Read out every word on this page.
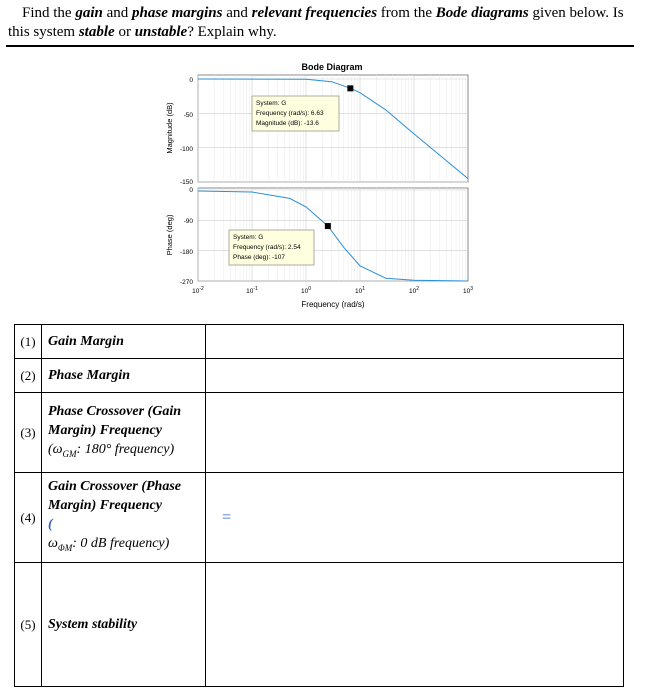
Find the gain and phase margins and relevant frequencies from the Bode diagrams given below. Is this system stable or unstable? Explain why.
Bode Diagram
Magnitude (dB)
0
-50
-100
-150
System: G
Frequency (rad/s): 6.63
Magnitude (dB): -13.6
Phase (deg)
0
-90
-180
-270
System: G
Frequency (rad/s): 2.54
Phase (deg): -107
$10^{-2}$	$10^{-1}$	$10^0$	$10^1$	$10^2$	$10^3$
Frequency (rad/s)
(1)	Gain Margin	
(2)	Phase Margin	
(3)	Phase Crossover (Gain Margin) Frequency
($\omega_{GM}$: 180° frequency)	
(4)	Gain Crossover (Phase Margin) Frequency
(
$\omega_{\Phi M}$: 0 dB frequency)	=
(5)	System stability	
